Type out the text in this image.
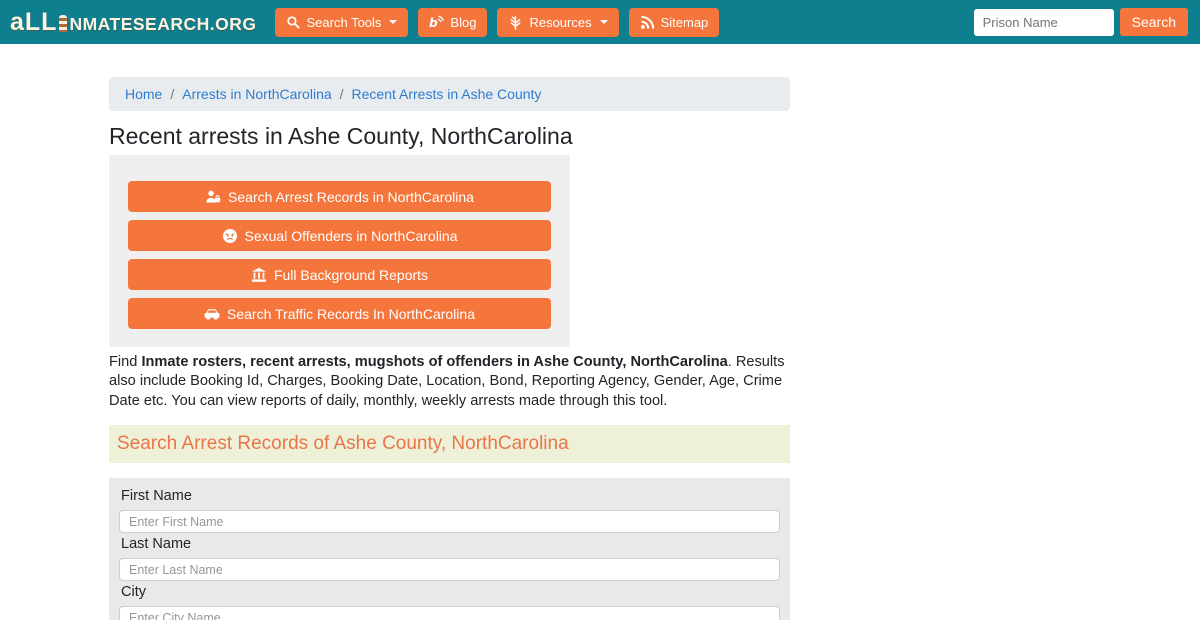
aLL NMATESEARCH.ORG	Search Tools	b Blog	Resources	Sitemap
Prison Name	Search
Home / Arrests in NorthCarolina / Recent Arrests in Ashe County
Recent arrests in Ashe County, NorthCarolina
Search Arrest Records in NorthCarolina
Sexual Offenders in NorthCarolina
Full Background Reports
Search Traffic Records In NorthCarolina

Find Inmate rosters, recent arrests, mugshots of offenders in Ashe County, NorthCarolina. Results also include Booking Id, Charges, Booking Date, Location, Bond, Reporting Agency, Gender, Age, Crime Date etc. You can view reports of daily, monthly, weekly arrests made through this tool.

Search Arrest Records of Ashe County, NorthCarolina
First Name
Enter First Name
Last Name
Enter Last Name
City
Enter City Name
